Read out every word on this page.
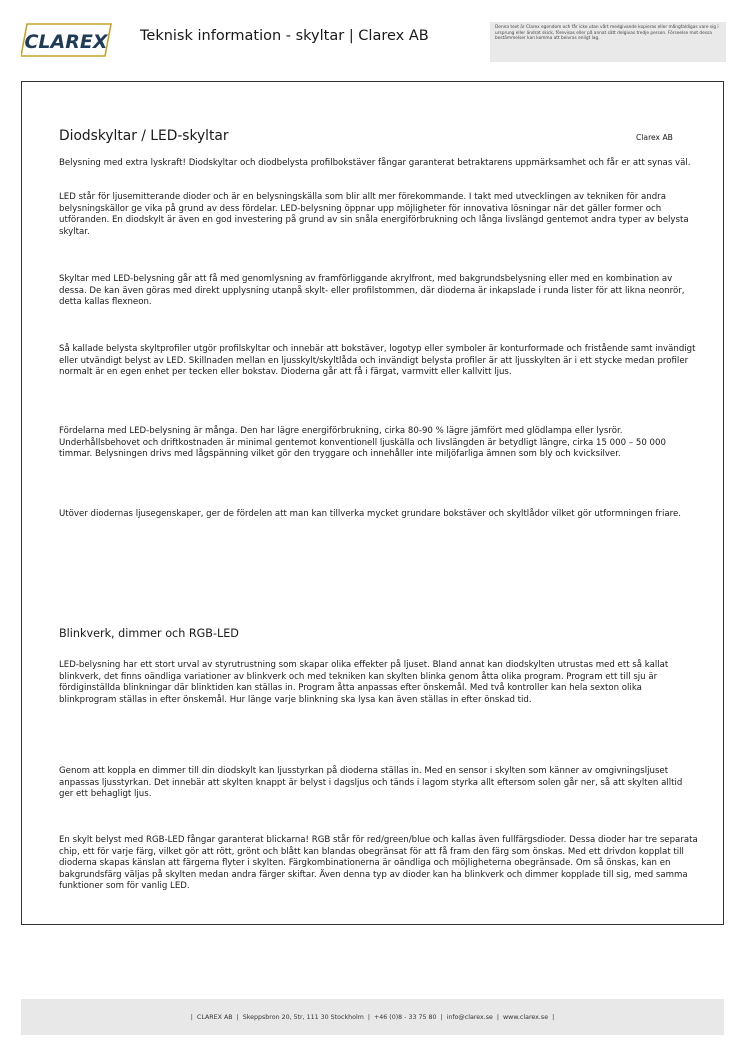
CLAREX Teknisk information - skyltar | Clarex AB
Denna text är Clarex egendom och får icke utan vårt medgivande kopieras eller mångfaldigas vare sig i ursprung eller ändrat skick, förevisas eller på annat sätt delgivas tredje person. Förseelse mot dessa bestämmelser kan komma att beivras enligt lag.
Diodskyltar / LED-skyltar	Clarex AB

Belysning med extra lyskraft! Diodskyltar och diodbelysta profilbokstäver fångar garanterat betraktarens uppmärksamhet och får er att synas väl.

LED står för ljusemitterande dioder och är en belysningskälla som blir allt mer förekommande. I takt med utvecklingen av tekniken för andra belysningskällor ge vika på grund av dess fördelar. LED-belysning öppnar upp möjligheter för innovativa lösningar när det gäller former och utföranden. En diodskylt är även en god investering på grund av sin snåla energiförbrukning och långa livslängd gentemot andra typer av belysta skyltar.

Skyltar med LED-belysning går att få med genomlysning av framförliggande akrylfront, med bakgrundsbelysning eller med en kombination av dessa. De kan även göras med direkt upplysning utanpå skylt- eller profilstommen, där dioderna är inkapslade i runda lister för att likna neonrör, detta kallas flexneon.

Så kallade belysta skyltprofiler utgör profilskyltar och innebär att bokstäver, logotyp eller symboler är konturformade och fristående samt invändigt eller utvändigt belyst av LED. Skillnaden mellan en ljusskylt/skyltlåda och invändigt belysta profiler är att ljusskylten är i ett stycke medan profiler normalt är en egen enhet per tecken eller bokstav. Dioderna går att få i färgat, varmvitt eller kallvitt ljus.

Fördelarna med LED-belysning är många. Den har lägre energiförbrukning, cirka 80-90 % lägre jämfört med glödlampa eller lysrör. Underhållsbehovet och driftkostnaden är minimal gentemot konventionell ljuskälla och livslängden är betydligt längre, cirka 15 000 – 50 000 timmar. Belysningen drivs med lågspänning vilket gör den tryggare och innehåller inte miljöfarliga ämnen som bly och kvicksilver.

Utöver diodernas ljusegenskaper, ger de fördelen att man kan tillverka mycket grundare bokstäver och skyltlådor vilket gör utformningen friare.

Blinkverk, dimmer och RGB-LED

LED-belysning har ett stort urval av styrutrustning som skapar olika effekter på ljuset. Bland annat kan diodskylten utrustas med ett så kallat blinkverk, det finns oändliga variationer av blinkverk och med tekniken kan skylten blinka genom åtta olika program. Program ett till sju är fördiginställda blinkningar där blinktiden kan ställas in. Program åtta anpassas efter önskemål. Med två kontroller kan hela sexton olika blinkprogram ställas in efter önskemål. Hur länge varje blinkning ska lysa kan även ställas in efter önskad tid.

Genom att koppla en dimmer till din diodskylt kan ljusstyrkan på dioderna ställas in. Med en sensor i skylten som känner av omgivningsljuset anpassas ljusstyrkan. Det innebär att skylten knappt är belyst i dagsljus och tänds i lagom styrka allt eftersom solen går ner, så att skylten alltid ger ett behagligt ljus.

En skylt belyst med RGB-LED fångar garanterat blickarna! RGB står för red/green/blue och kallas även fullfärgsdioder. Dessa dioder har tre separata chip, ett för varje färg, vilket gör att rött, grönt och blått kan blandas obegränsat för att få fram den färg som önskas. Med ett drivdon kopplat till dioderna skapas känslan att färgerna flyter i skylten. Färgkombinationerna är oändliga och möjligheterna obegränsade. Om så önskas, kan en bakgrundsfärg väljas på skylten medan andra färger skiftar. Även denna typ av dioder kan ha blinkverk och dimmer kopplade till sig, med samma funktioner som för vanlig LED.

|  CLAREX AB  |  Skeppsbron 20, 5tr, 111 30 Stockholm  |  +46 (0)8 - 33 75 80  |  info@clarex.se  |  www.clarex.se  |
